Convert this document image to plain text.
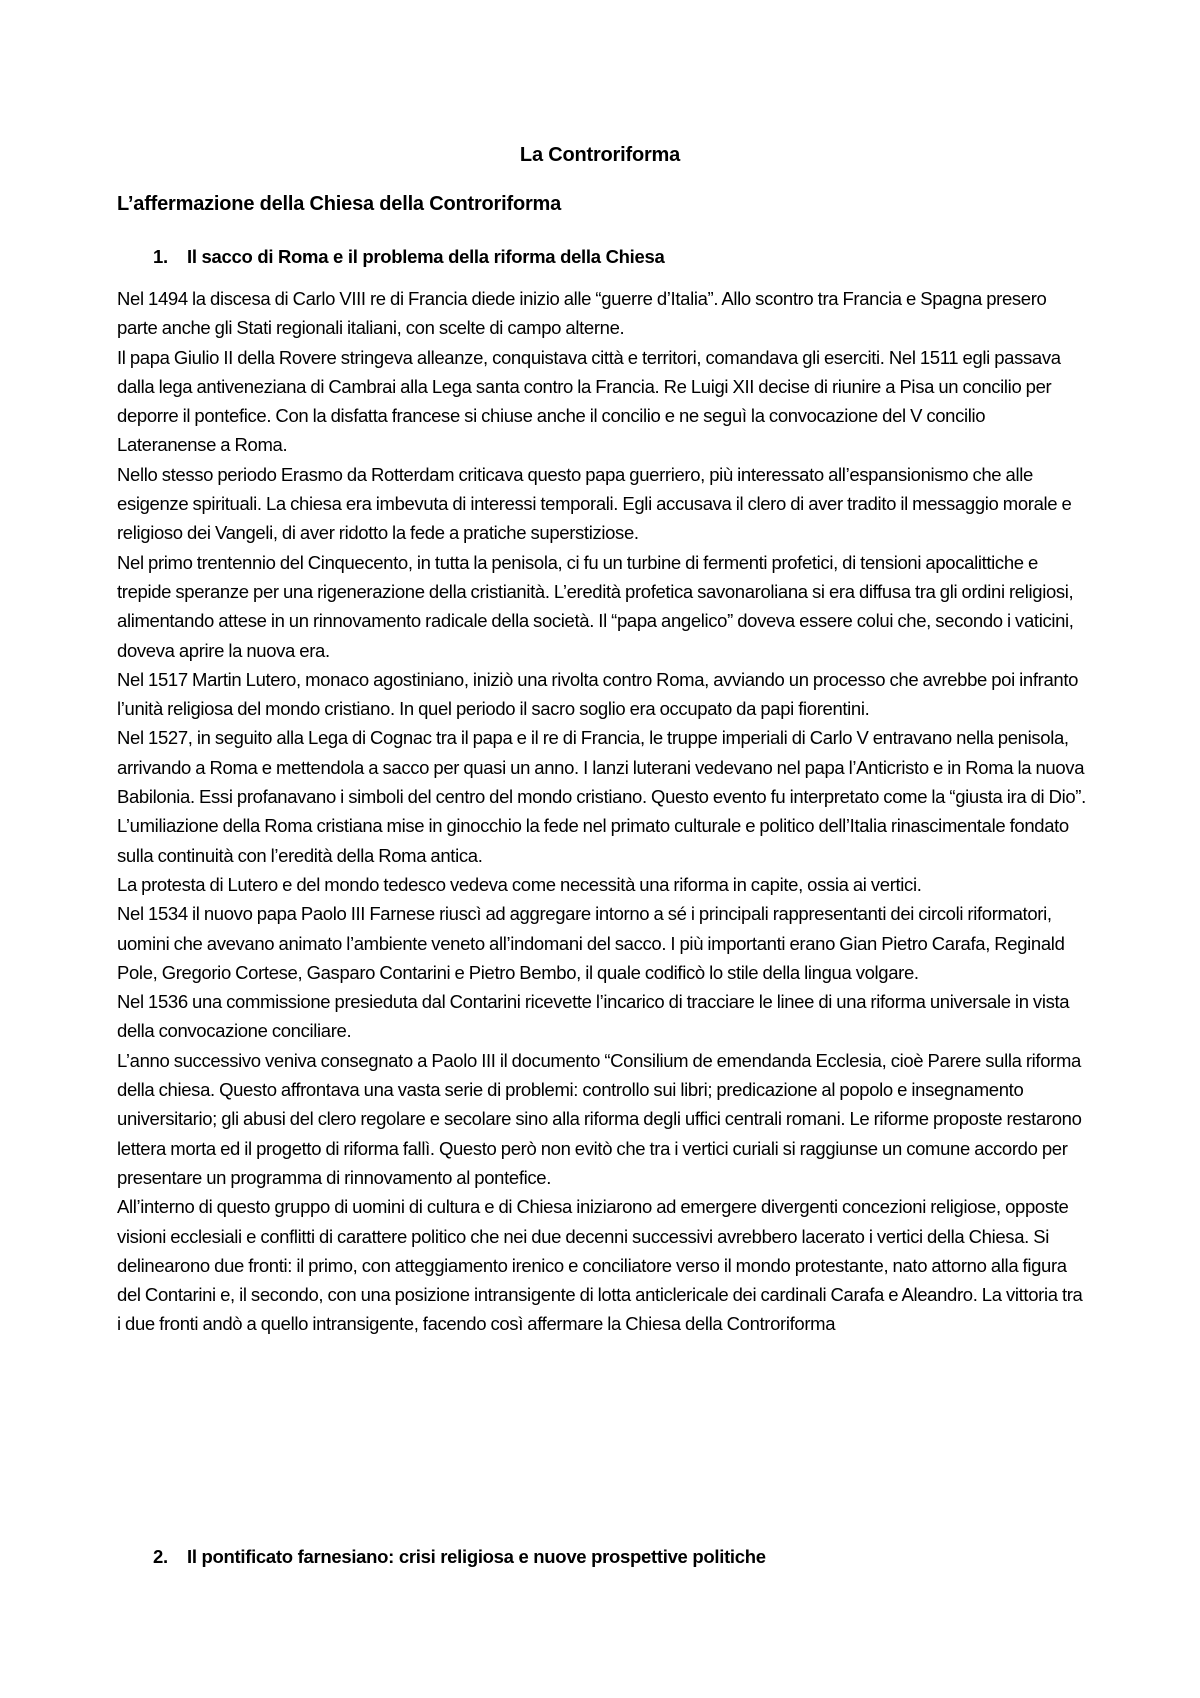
La Controriforma
L’affermazione della Chiesa della Controriforma
1. Il sacco di Roma e il problema della riforma della Chiesa

Nel 1494 la discesa di Carlo VIII re di Francia diede inizio alle “guerre d’Italia”. Allo scontro tra Francia e Spagna presero parte anche gli Stati regionali italiani, con scelte di campo alterne.

Il papa Giulio II della Rovere stringeva alleanze, conquistava città e territori, comandava gli eserciti. Nel 1511 egli passava dalla lega antiveneziana di Cambrai alla Lega santa contro la Francia. Re Luigi XII decise di riunire a Pisa un concilio per deporre il pontefice. Con la disfatta francese si chiuse anche il concilio e ne seguì la convocazione del V concilio Lateranense a Roma.

Nello stesso periodo Erasmo da Rotterdam criticava questo papa guerriero, più interessato all’espansionismo che alle esigenze spirituali. La chiesa era imbevuta di interessi temporali. Egli accusava il clero di aver tradito il messaggio morale e religioso dei Vangeli, di aver ridotto la fede a pratiche superstiziose.

Nel primo trentennio del Cinquecento, in tutta la penisola, ci fu un turbine di fermenti profetici, di tensioni apocalittiche e trepide speranze per una rigenerazione della cristianità. L’eredità profetica savonaroliana si era diffusa tra gli ordini religiosi, alimentando attese in un rinnovamento radicale della società. Il “papa angelico” doveva essere colui che, secondo i vaticini, doveva aprire la nuova era.

Nel 1517 Martin Lutero, monaco agostiniano, iniziò una rivolta contro Roma, avviando un processo che avrebbe poi infranto l’unità religiosa del mondo cristiano. In quel periodo il sacro soglio era occupato da papi fiorentini.

Nel 1527, in seguito alla Lega di Cognac tra il papa e il re di Francia, le truppe imperiali di Carlo V entravano nella penisola, arrivando a Roma e mettendola a sacco per quasi un anno. I lanzi luterani vedevano nel papa l’Anticristo e in Roma la nuova Babilonia. Essi profanavano i simboli del centro del mondo cristiano. Questo evento fu interpretato come la “giusta ira di Dio”.

L’umiliazione della Roma cristiana mise in ginocchio la fede nel primato culturale e politico dell’Italia rinascimentale fondato sulla continuità con l’eredità della Roma antica.

La protesta di Lutero e del mondo tedesco vedeva come necessità una riforma in capite, ossia ai vertici.

Nel 1534 il nuovo papa Paolo III Farnese riuscì ad aggregare intorno a sé i principali rappresentanti dei circoli riformatori, uomini che avevano animato l’ambiente veneto all’indomani del sacco. I più importanti erano Gian Pietro Carafa, Reginald Pole, Gregorio Cortese, Gasparo Contarini e Pietro Bembo, il quale codificò lo stile della lingua volgare.

Nel 1536 una commissione presieduta dal Contarini ricevette l’incarico di tracciare le linee di una riforma universale in vista della convocazione conciliare.

L’anno successivo veniva consegnato a Paolo III il documento “Consilium de emendanda Ecclesia, cioè Parere sulla riforma della chiesa. Questo affrontava una vasta serie di problemi: controllo sui libri; predicazione al popolo e insegnamento universitario; gli abusi del clero regolare e secolare sino alla riforma degli uffici centrali romani. Le riforme proposte restarono lettera morta ed il progetto di riforma fallì. Questo però non evitò che tra i vertici curiali si raggiunse un comune accordo per presentare un programma di rinnovamento al pontefice.

All’interno di questo gruppo di uomini di cultura e di Chiesa iniziarono ad emergere divergenti concezioni religiose, opposte visioni ecclesiali e conflitti di carattere politico che nei due decenni successivi avrebbero lacerato i vertici della Chiesa. Si delinearono due fronti: il primo, con atteggiamento irenico e conciliatore verso il mondo protestante, nato attorno alla figura del Contarini e, il secondo, con una posizione intransigente di lotta anticlericale dei cardinali Carafa e Aleandro. La vittoria tra i due fronti andò a quello intransigente, facendo così affermare la Chiesa della Controriforma

2. Il pontificato farnesiano: crisi religiosa e nuove prospettive politiche
